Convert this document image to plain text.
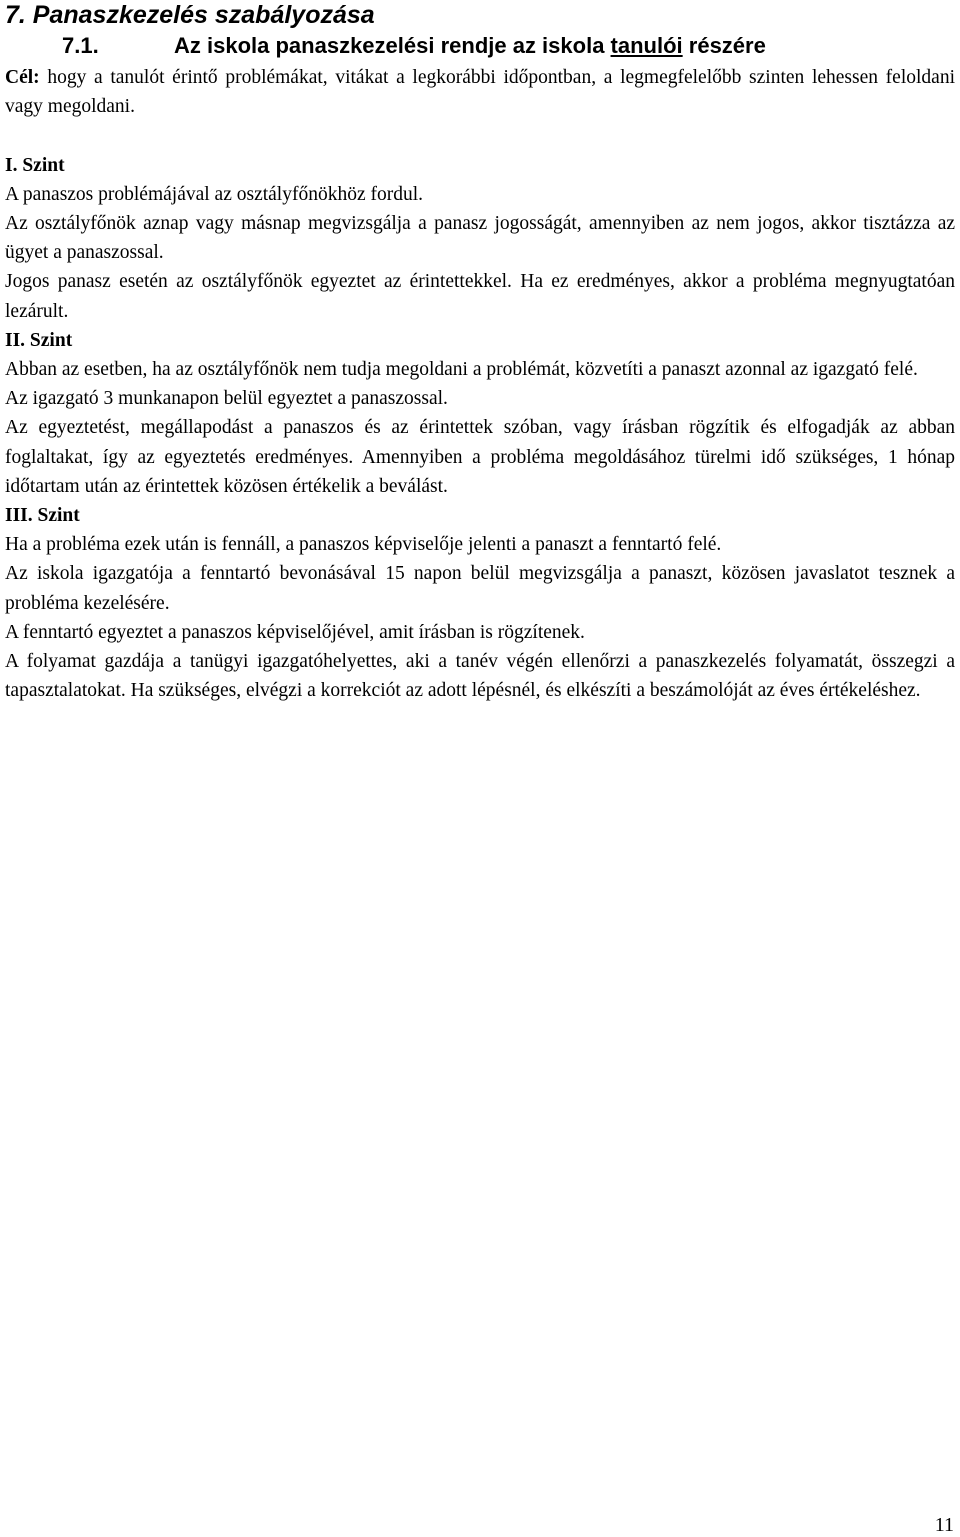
7. Panaszkezelés szabályozása
7.1.	Az iskola panaszkezelési rendje az iskola tanulói részére

Cél: hogy a tanulót érintő problémákat, vitákat a legkorábbi időpontban, a legmegfelelőbb szinten lehessen feloldani vagy megoldani.

I. Szint

A panaszos problémájával az osztályfőnökhöz fordul.

Az osztályfőnök aznap vagy másnap megvizsgálja a panasz jogosságát, amennyiben az nem jogos, akkor tisztázza az ügyet a panaszossal.

Jogos panasz esetén az osztályfőnök egyeztet az érintettekkel. Ha ez eredményes, akkor a probléma megnyugtatóan lezárult.

II. Szint

Abban az esetben, ha az osztályfőnök nem tudja megoldani a problémát, közvetíti a panaszt azonnal az igazgató felé.

Az igazgató 3 munkanapon belül egyeztet a panaszossal.

Az egyeztetést, megállapodást a panaszos és az érintettek szóban, vagy írásban rögzítik és elfogadják az abban foglaltakat, így az egyeztetés eredményes. Amennyiben a probléma megoldásához türelmi idő szükséges, 1 hónap időtartam után az érintettek közösen értékelik a beválást.

III. Szint

Ha a probléma ezek után is fennáll, a panaszos képviselője jelenti a panaszt a fenntartó felé.

Az iskola igazgatója a fenntartó bevonásával 15 napon belül megvizsgálja a panaszt, közösen javaslatot tesznek a probléma kezelésére.

A fenntartó egyeztet a panaszos képviselőjével, amit írásban is rögzítenek.

A folyamat gazdája a tanügyi igazgatóhelyettes, aki a tanév végén ellenőrzi a panaszkezelés folyamatát, összegzi a tapasztalatokat. Ha szükséges, elvégzi a korrekciót az adott lépésnél, és elkészíti a beszámolóját az éves értékeléshez.

11
